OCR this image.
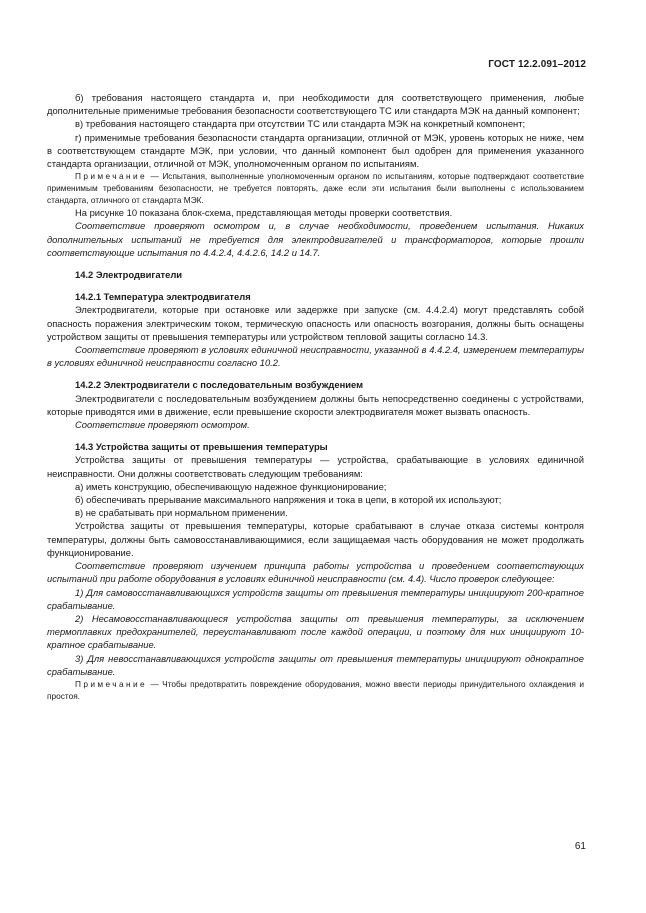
ГОСТ 12.2.091–2012

б) требования настоящего стандарта и, при необходимости для соответствующего применения, любые дополнительные применимые требования безопасности соответствующего ТС или стандарта МЭК на данный компонент;

в) требования настоящего стандарта при отсутствии ТС или стандарта МЭК на конкретный компонент;

г) применимые требования безопасности стандарта организации, отличной от МЭК, уровень которых не ниже, чем в соответствующем стандарте МЭК, при условии, что данный компонент был одобрен для применения указанного стандарта организации, отличной от МЭК, уполномоченным органом по испытаниям.

Примечание — Испытания, выполненные уполномоченным органом по испытаниям, которые подтверждают соответствие применимым требованиям безопасности, не требуется повторять, даже если эти испытания были выполнены с использованием стандарта, отличного от стандарта МЭК.

На рисунке 10 показана блок-схема, представляющая методы проверки соответствия.

Соответствие проверяют осмотром и, в случае необходимости, проведением испытания. Никаких дополнительных испытаний не требуется для электродвигателей и трансформаторов, которые прошли соответствующие испытания по 4.4.2.4, 4.4.2.6, 14.2 и 14.7.

14.2 Электродвигатели
14.2.1 Температура электродвигателя

Электродвигатели, которые при остановке или задержке при запуске (см. 4.4.2.4) могут представлять собой опасность поражения электрическим током, термическую опасность или опасность возгорания, должны быть оснащены устройством защиты от превышения температуры или устройством тепловой защиты согласно 14.3.

Соответствие проверяют в условиях единичной неисправности, указанной в 4.4.2.4, измерением температуры в условиях единичной неисправности согласно 10.2.

14.2.2 Электродвигатели с последовательным возбуждением

Электродвигатели с последовательным возбуждением должны быть непосредственно соединены с устройствами, которые приводятся ими в движение, если превышение скорости электродвигателя может вызвать опасность.

Соответствие проверяют осмотром.

14.3 Устройства защиты от превышения температуры

Устройства защиты от превышения температуры — устройства, срабатывающие в условиях единичной неисправности. Они должны соответствовать следующим требованиям:

а) иметь конструкцию, обеспечивающую надежное функционирование;

б) обеспечивать прерывание максимального напряжения и тока в цепи, в которой их используют;

в) не срабатывать при нормальном применении.

Устройства защиты от превышения температуры, которые срабатывают в случае отказа системы контроля температуры, должны быть самовосстанавливающимися, если защищаемая часть оборудования не может продолжать функционирование.

Соответствие проверяют изучением принципа работы устройства и проведением соответствующих испытаний при работе оборудования в условиях единичной неисправности (см. 4.4). Число проверок следующее:

1) Для самовосстанавливающихся устройств защиты от превышения температуры инициируют 200-кратное срабатывание.

2) Несамовосстанавливающиеся устройства защиты от превышения температуры, за исключением термоплавких предохранителей, переустанавливают после каждой операции, и поэтому для них инициируют 10-кратное срабатывание.

3) Для невосстанавливающихся устройств защиты от превышения температуры инициируют однократное срабатывание.

Примечание — Чтобы предотвратить повреждение оборудования, можно ввести периоды принудительного охлаждения и простоя.

61
